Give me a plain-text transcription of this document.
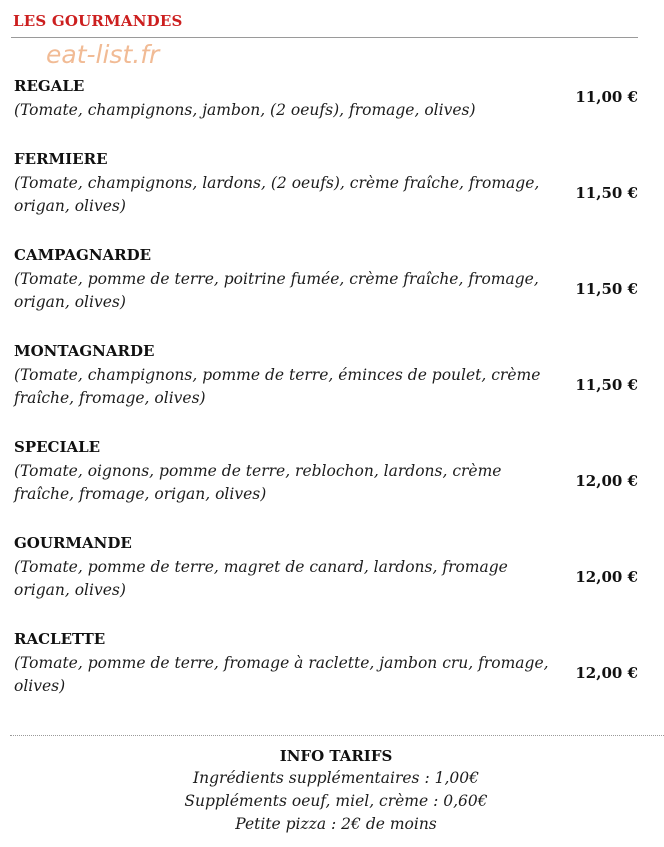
LES GOURMANDES
eat-list.fr
REGALE
(Tomate, champignons, jambon, (2 oeufs), fromage, olives)
11,00 €
FERMIERE
(Tomate, champignons, lardons, (2 oeufs), crème fraîche, fromage, origan, olives)
11,50 €
CAMPAGNARDE
(Tomate, pomme de terre, poitrine fumée, crème fraîche, fromage, origan, olives)
11,50 €
MONTAGNARDE
(Tomate, champignons, pomme de terre, éminces de poulet, crème fraîche, fromage, olives)
11,50 €
SPECIALE
(Tomate, oignons, pomme de terre, reblochon, lardons, crème fraîche, fromage, origan, olives)
12,00 €
GOURMANDE
(Tomate, pomme de terre, magret de canard, lardons, fromage origan, olives)
12,00 €
RACLETTE
(Tomate, pomme de terre, fromage à raclette, jambon cru, fromage, olives)
12,00 €
INFO TARIFS
Ingrédients supplémentaires : 1,00€
Suppléments oeuf, miel, crème : 0,60€
Petite pizza : 2€ de moins
